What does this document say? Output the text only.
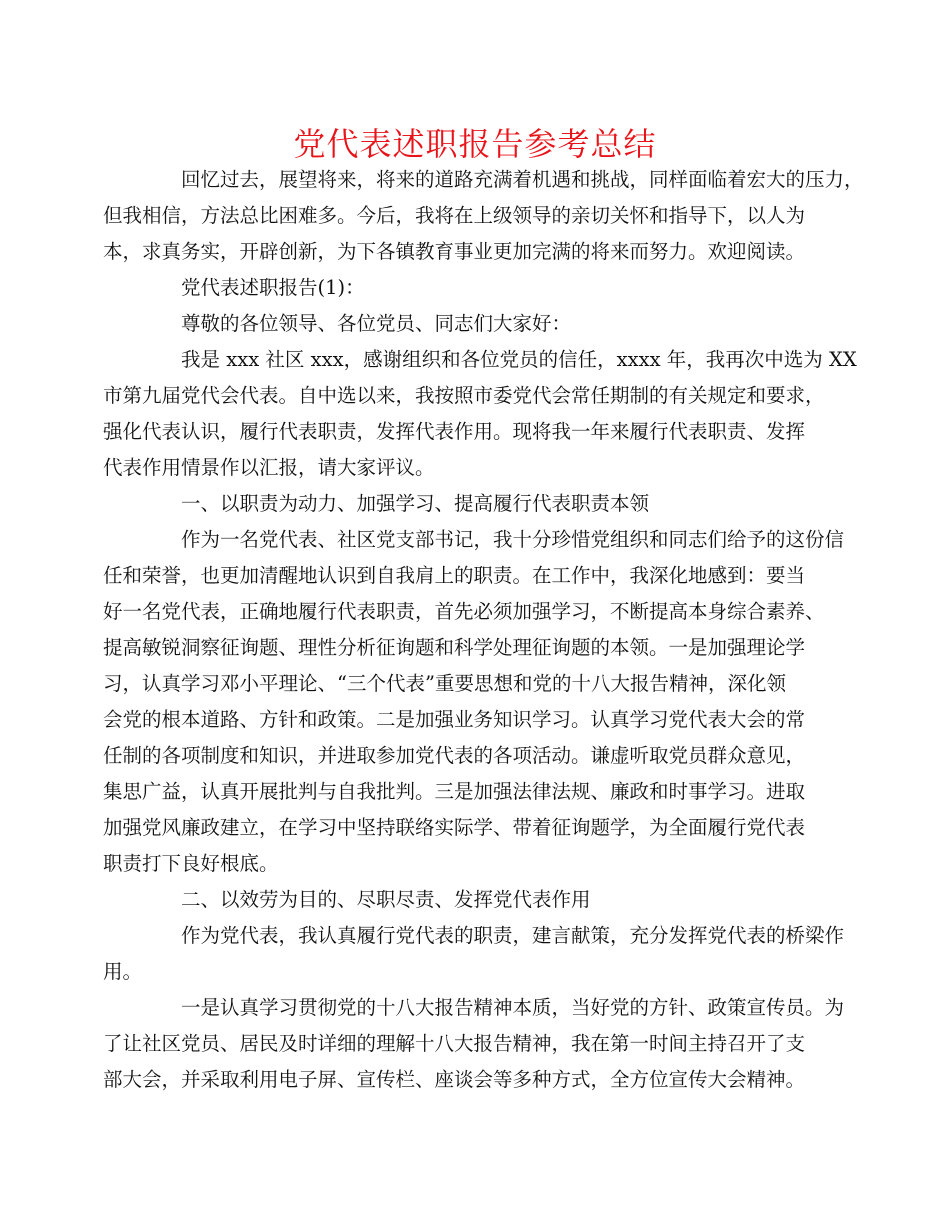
党代表述职报告参考总结

回忆过去，展望将来，将来的道路充满着机遇和挑战，同样面临着宏大的压力，
但我相信，方法总比困难多。今后，我将在上级领导的亲切关怀和指导下，以人为
本，求真务实，开辟创新，为下各镇教育事业更加完满的将来而努力。欢迎阅读。

党代表述职报告(1)：

尊敬的各位领导、各位党员、同志们大家好：

我是 xxx 社区 xxx，感谢组织和各位党员的信任，xxxx 年，我再次中选为 XX
市第九届党代会代表。自中选以来，我按照市委党代会常任期制的有关规定和要求，
强化代表认识，履行代表职责，发挥代表作用。现将我一年来履行代表职责、发挥
代表作用情景作以汇报，请大家评议。

一、以职责为动力、加强学习、提高履行代表职责本领

作为一名党代表、社区党支部书记，我十分珍惜党组织和同志们给予的这份信
任和荣誉，也更加清醒地认识到自我肩上的职责。在工作中，我深化地感到：要当
好一名党代表，正确地履行代表职责，首先必须加强学习，不断提高本身综合素养、
提高敏锐洞察征询题、理性分析征询题和科学处理征询题的本领。一是加强理论学
习，认真学习邓小平理论、“三个代表”重要思想和党的十八大报告精神，深化领
会党的根本道路、方针和政策。二是加强业务知识学习。认真学习党代表大会的常
任制的各项制度和知识，并进取参加党代表的各项活动。谦虚听取党员群众意见，
集思广益，认真开展批判与自我批判。三是加强法律法规、廉政和时事学习。进取
加强党风廉政建立，在学习中坚持联络实际学、带着征询题学，为全面履行党代表
职责打下良好根底。

二、以效劳为目的、尽职尽责、发挥党代表作用

作为党代表，我认真履行党代表的职责，建言献策，充分发挥党代表的桥梁作
用。

一是认真学习贯彻党的十八大报告精神本质，当好党的方针、政策宣传员。为
了让社区党员、居民及时详细的理解十八大报告精神，我在第一时间主持召开了支
部大会，并采取利用电子屏、宣传栏、座谈会等多种方式，全方位宣传大会精神。
